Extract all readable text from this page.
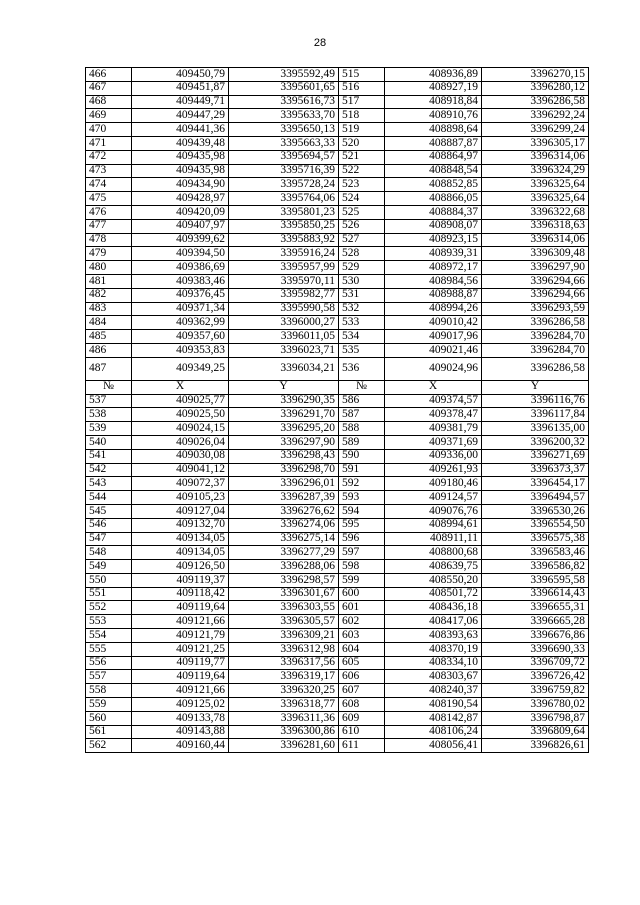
28
466	409450,79	3395592,49	515	408936,89	3396270,15
467	409451,87	3395601,65	516	408927,19	3396280,12
468	409449,71	3395616,73	517	408918,84	3396286,58
469	409447,29	3395633,70	518	408910,76	3396292,24
470	409441,36	3395650,13	519	408898,64	3396299,24
471	409439,48	3395663,33	520	408887,87	3396305,17
472	409435,98	3395694,57	521	408864,97	3396314,06
473	409435,98	3395716,39	522	408848,54	3396324,29
474	409434,90	3395728,24	523	408852,85	3396325,64
475	409428,97	3395764,06	524	408866,05	3396325,64
476	409420,09	3395801,23	525	408884,37	3396322,68
477	409407,97	3395850,25	526	408908,07	3396318,63
478	409399,62	3395883,92	527	408923,15	3396314,06
479	409394,50	3395916,24	528	408939,31	3396309,48
480	409386,69	3395957,99	529	408972,17	3396297,90
481	409383,46	3395970,11	530	408984,56	3396294,66
482	409376,45	3395982,77	531	408988,87	3396294,66
483	409371,34	3395990,58	532	408994,26	3396293,59
484	409362,99	3396000,27	533	409010,42	3396286,58
485	409357,60	3396011,05	534	409017,96	3396284,70
486	409353,83	3396023,71	535	409021,46	3396284,70
487	409349,25	3396034,21	536	409024,96	3396286,58
№	X	Y	№	X	Y
537	409025,77	3396290,35	586	409374,57	3396116,76
538	409025,50	3396291,70	587	409378,47	3396117,84
539	409024,15	3396295,20	588	409381,79	3396135,00
540	409026,04	3396297,90	589	409371,69	3396200,32
541	409030,08	3396298,43	590	409336,00	3396271,69
542	409041,12	3396298,70	591	409261,93	3396373,37
543	409072,37	3396296,01	592	409180,46	3396454,17
544	409105,23	3396287,39	593	409124,57	3396494,57
545	409127,04	3396276,62	594	409076,76	3396530,26
546	409132,70	3396274,06	595	408994,61	3396554,50
547	409134,05	3396275,14	596	408911,11	3396575,38
548	409134,05	3396277,29	597	408800,68	3396583,46
549	409126,50	3396288,06	598	408639,75	3396586,82
550	409119,37	3396298,57	599	408550,20	3396595,58
551	409118,42	3396301,67	600	408501,72	3396614,43
552	409119,64	3396303,55	601	408436,18	3396655,31
553	409121,66	3396305,57	602	408417,06	3396665,28
554	409121,79	3396309,21	603	408393,63	3396676,86
555	409121,25	3396312,98	604	408370,19	3396690,33
556	409119,77	3396317,56	605	408334,10	3396709,72
557	409119,64	3396319,17	606	408303,67	3396726,42
558	409121,66	3396320,25	607	408240,37	3396759,82
559	409125,02	3396318,77	608	408190,54	3396780,02
560	409133,78	3396311,36	609	408142,87	3396798,87
561	409143,88	3396300,86	610	408106,24	3396809,64
562	409160,44	3396281,60	611	408056,41	3396826,61
